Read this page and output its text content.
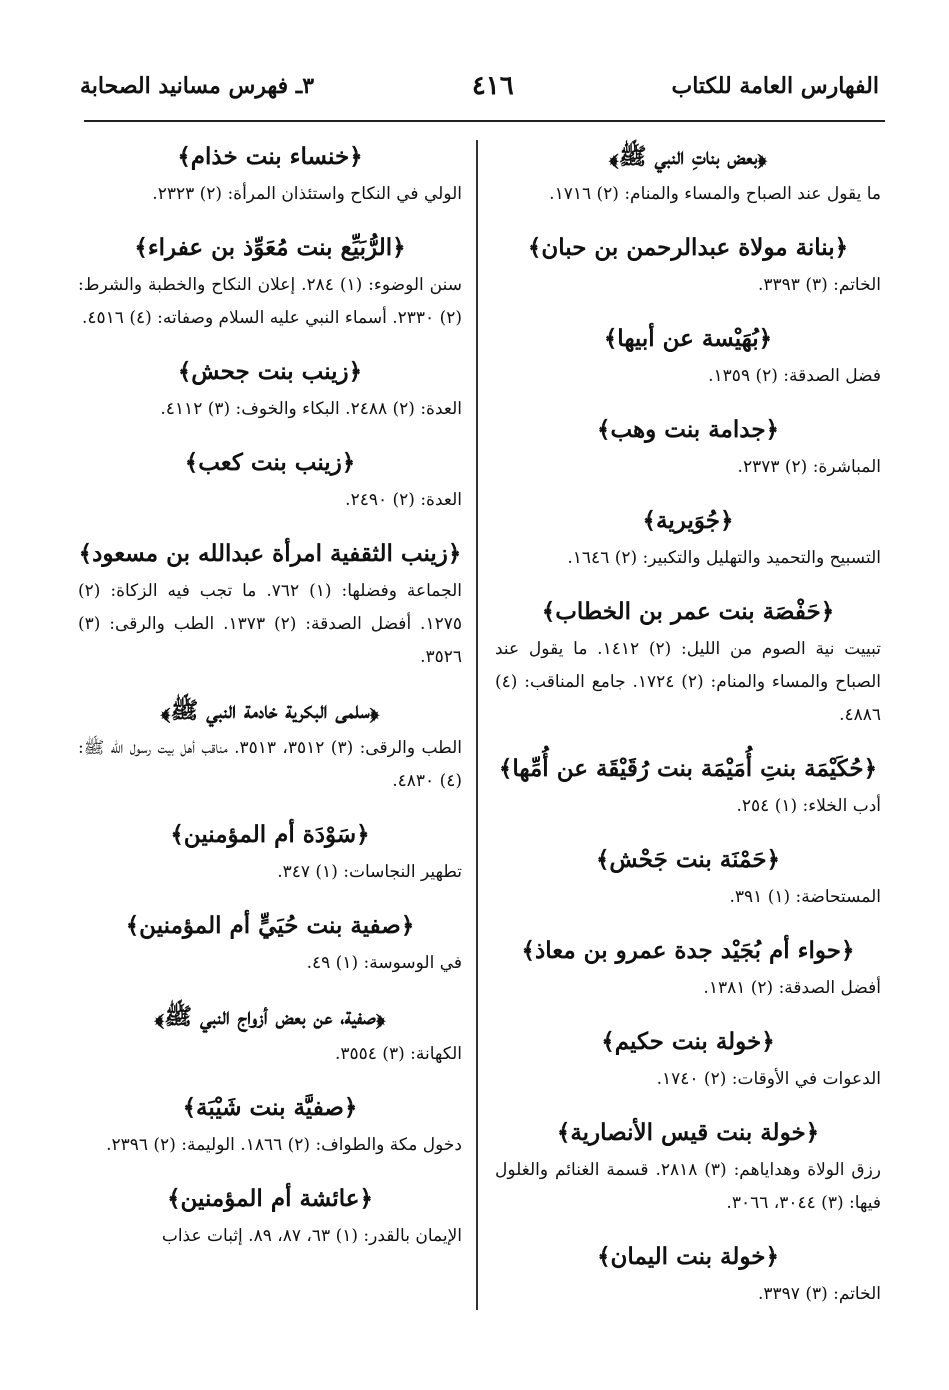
الفهارس العامة للكتاب
٤١٦
٣ـ فهرس مسانيد الصحابة
﴿بعض بناتِ النبي ﷺ﴾
ما يقول عند الصباح والمساء والمنام: (٢) ١٧١٦.
﴿بنانة مولاة عبدالرحمن بن حبان﴾
الخاتم: (٣) ٣٣٩٣.
﴿بُهَيْسة عن أبيها﴾
فضل الصدقة: (٢) ١٣٥٩.
﴿جدامة بنت وهب﴾
المباشرة: (٢) ٢٣٧٣.
﴿جُوَيرية﴾
التسبيح والتحميد والتهليل والتكبير: (٢) ١٦٤٦.
﴿حَفْصَة بنت عمر بن الخطاب﴾
تبييت نية الصوم من الليل: (٢) ١٤١٢. ما يقول عند الصباح والمساء والمنام: (٢) ١٧٢٤. جامع المناقب: (٤) ٤٨٨٦.
﴿حُكَيْمَة بنتِ أُمَيْمَة بنت رُقَيْقَة عن أُمِّها﴾
أدب الخلاء: (١) ٢٥٤.
﴿حَمْنَة بنت جَحْش﴾
المستحاضة: (١) ٣٩١.
﴿حواء أم بُجَيْد جدة عمرو بن معاذ﴾
أفضل الصدقة: (٢) ١٣٨١.
﴿خولة بنت حكيم﴾
الدعوات في الأوقات: (٢) ١٧٤٠.
﴿خولة بنت قيس الأنصارية﴾
رزق الولاة وهداياهم: (٣) ٢٨١٨. قسمة الغنائم والغلول فيها: (٣) ٣٠٤٤، ٣٠٦٦.
﴿خولة بنت اليمان﴾
الخاتم: (٣) ٣٣٩٧.
﴿خنساء بنت خذام﴾
الولي في النكاح واستئذان المرأة: (٢) ٢٣٢٣.
﴿الرُّبَيِّع بنت مُعَوِّذ بن عفراء﴾
سنن الوضوء: (١) ٢٨٤. إعلان النكاح والخطبة والشرط: (٢) ٢٣٣٠. أسماء النبي عليه السلام وصفاته: (٤) ٤٥١٦.
﴿زينب بنت جحش﴾
العدة: (٢) ٢٤٨٨. البكاء والخوف: (٣) ٤١١٢.
﴿زينب بنت كعب﴾
العدة: (٢) ٢٤٩٠.
﴿زينب الثقفية امرأة عبدالله بن مسعود﴾
الجماعة وفضلها: (١) ٧٦٢. ما تجب فيه الزكاة: (٢) ١٢٧٥. أفضل الصدقة: (٢) ١٣٧٣. الطب والرقى: (٣) ٣٥٢٦.
﴿سلمى البكرية خادمة النبي ﷺ﴾
الطب والرقى: (٣) ٣٥١٢، ٣٥١٣. مناقب أهل بيت رسول الله ﷺ: (٤) ٤٨٣٠.
﴿سَوْدَة أم المؤمنين﴾
تطهير النجاسات: (١) ٣٤٧.
﴿صفية بنت حُيَيٍّ أم المؤمنين﴾
في الوسوسة: (١) ٤٩.
﴿صفية، عن بعض أزواج النبي ﷺ﴾
الكهانة: (٣) ٣٥٥٤.
﴿صفيَّة بنت شَيْبَة﴾
دخول مكة والطواف: (٢) ١٨٦٦. الوليمة: (٢) ٢٣٩٦.
﴿عائشة أم المؤمنين﴾
الإيمان بالقدر: (١) ٦٣، ٨٧، ٨٩. إثبات عذاب
